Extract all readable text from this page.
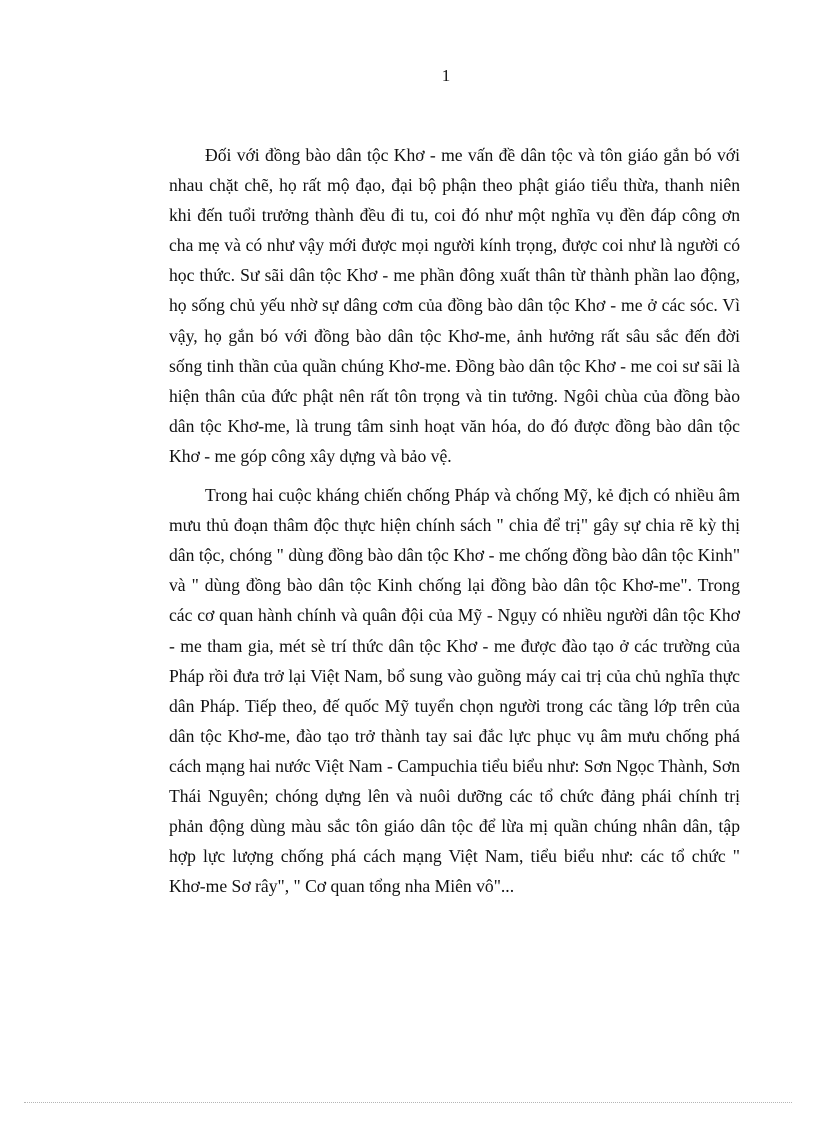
1

Đối với đồng bào dân tộc Khơ - me vấn đề dân tộc và tôn giáo gắn bó với nhau chặt chẽ, họ rất mộ đạo, đại bộ phận theo phật giáo tiểu thừa, thanh niên khi đến tuổi trưởng thành đều đi tu, coi đó như một nghĩa vụ đền đáp công ơn cha mẹ và có như vậy mới được mọi người kính trọng, được coi như là người có học thức. Sư sãi dân tộc Khơ - me phần đông xuất thân từ thành phần lao động, họ sống chủ yếu nhờ sự dâng cơm của đồng bào dân tộc Khơ - me ở các sóc. Vì vậy, họ gắn bó với đồng bào dân tộc Khơ-me, ảnh hưởng rất sâu sắc đến đời sống tinh thần của quần chúng Khơ-me. Đồng bào dân tộc Khơ - me coi sư sãi là hiện thân của đức phật nên rất tôn trọng và tin tưởng. Ngôi chùa của đồng bào dân tộc Khơ-me, là trung tâm sinh hoạt văn hóa, do đó được đồng bào dân tộc Khơ - me góp công xây dựng và bảo vệ.

Trong hai cuộc kháng chiến chống Pháp và chống Mỹ, kẻ địch có nhiều âm mưu thủ đoạn thâm độc thực hiện chính sách " chia để trị" gây sự chia rẽ kỳ thị dân tộc, chóng " dùng đồng bào dân tộc Khơ - me chống đồng bào dân tộc Kinh" và " dùng đồng bào dân tộc Kinh chống lại đồng bào dân tộc Khơ-me". Trong các cơ quan hành chính và quân đội của Mỹ - Ngụy có nhiều người dân tộc Khơ - me tham gia, mét sè trí thức dân tộc Khơ - me được đào tạo ở các trường của Pháp rồi đưa trở lại Việt Nam, bổ sung vào guồng máy cai trị của chủ nghĩa thực dân Pháp. Tiếp theo, đế quốc Mỹ tuyển chọn người trong các tầng lớp trên của dân tộc Khơ-me, đào tạo trở thành tay sai đắc lực phục vụ âm mưu chống phá cách mạng hai nước Việt Nam - Campuchia tiểu biểu như: Sơn Ngọc Thành, Sơn Thái Nguyên; chóng dựng lên và nuôi dưỡng các tổ chức đảng phái chính trị phản động dùng màu sắc tôn giáo dân tộc để lừa mị quần chúng nhân dân, tập hợp lực lượng chống phá cách mạng Việt Nam, tiểu biểu như: các tổ chức " Khơ-me Sơ rây", " Cơ quan tổng nha Miên vô"...
